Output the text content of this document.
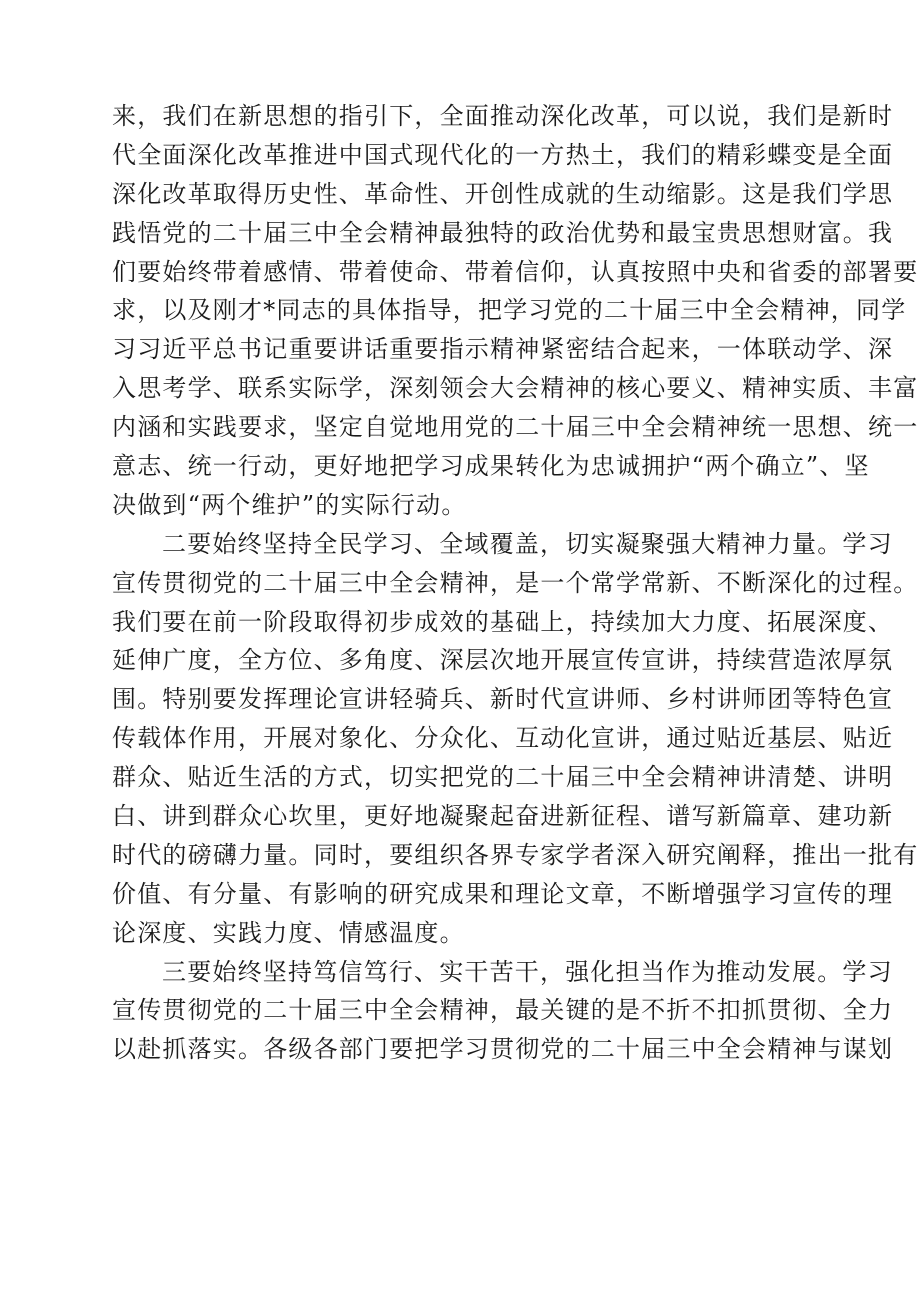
来，我们在新思想的指引下，全面推动深化改革，可以说，我们是新时
代全面深化改革推进中国式现代化的一方热土，我们的精彩蝶变是全面
深化改革取得历史性、革命性、开创性成就的生动缩影。这是我们学思
践悟党的二十届三中全会精神最独特的政治优势和最宝贵思想财富。我
们要始终带着感情、带着使命、带着信仰，认真按照中央和省委的部署要
求，以及刚才*同志的具体指导，把学习党的二十届三中全会精神，同学
习习近平总书记重要讲话重要指示精神紧密结合起来，一体联动学、深
入思考学、联系实际学，深刻领会大会精神的核心要义、精神实质、丰富
内涵和实践要求，坚定自觉地用党的二十届三中全会精神统一思想、统一
意志、统一行动，更好地把学习成果转化为忠诚拥护“两个确立”、坚
决做到“两个维护”的实际行动。
二要始终坚持全民学习、全域覆盖，切实凝聚强大精神力量。学习
宣传贯彻党的二十届三中全会精神，是一个常学常新、不断深化的过程。
我们要在前一阶段取得初步成效的基础上，持续加大力度、拓展深度、
延伸广度，全方位、多角度、深层次地开展宣传宣讲，持续营造浓厚氛
围。特别要发挥理论宣讲轻骑兵、新时代宣讲师、乡村讲师团等特色宣
传载体作用，开展对象化、分众化、互动化宣讲，通过贴近基层、贴近
群众、贴近生活的方式，切实把党的二十届三中全会精神讲清楚、讲明
白、讲到群众心坎里，更好地凝聚起奋进新征程、谱写新篇章、建功新
时代的磅礴力量。同时，要组织各界专家学者深入研究阐释，推出一批有
价值、有分量、有影响的研究成果和理论文章，不断增强学习宣传的理
论深度、实践力度、情感温度。
三要始终坚持笃信笃行、实干苦干，强化担当作为推动发展。学习
宣传贯彻党的二十届三中全会精神，最关键的是不折不扣抓贯彻、全力
以赴抓落实。各级各部门要把学习贯彻党的二十届三中全会精神与谋划
